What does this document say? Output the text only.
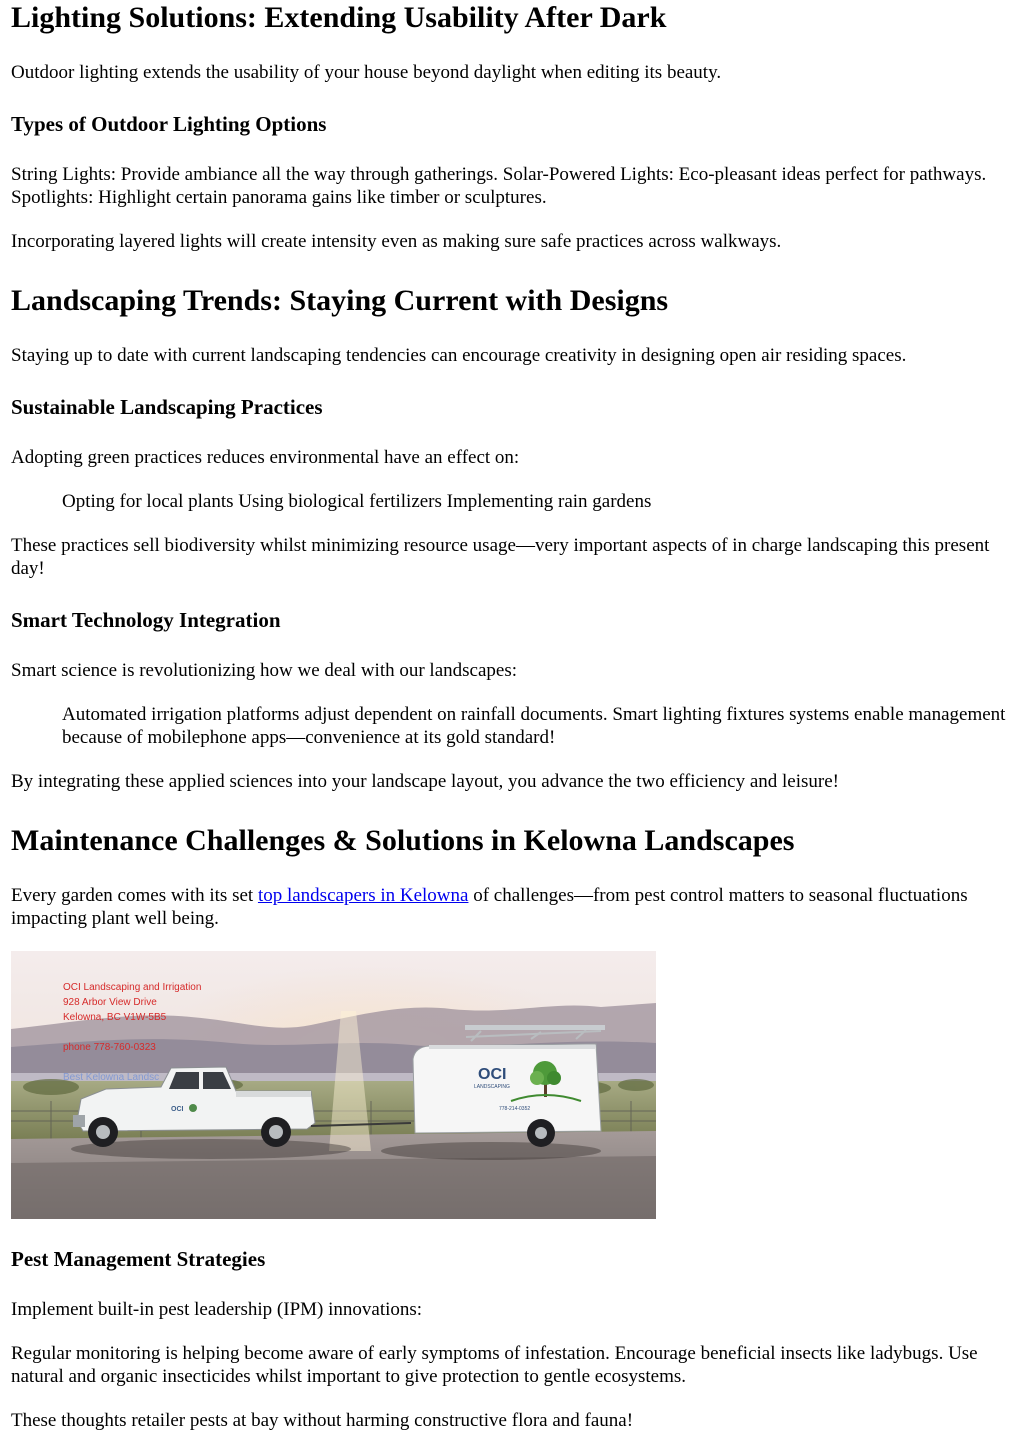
Lighting Solutions: Extending Usability After Dark

Outdoor lighting extends the usability of your house beyond daylight when editing its beauty.

Types of Outdoor Lighting Options

String Lights: Provide ambiance all the way through gatherings. Solar-Powered Lights: Eco-pleasant ideas perfect for pathways. Spotlights: Highlight certain panorama gains like timber or sculptures.

Incorporating layered lights will create intensity even as making sure safe practices across walkways.

Landscaping Trends: Staying Current with Designs

Staying up to date with current landscaping tendencies can encourage creativity in designing open air residing spaces.

Sustainable Landscaping Practices

Adopting green practices reduces environmental have an effect on:

Opting for local plants Using biological fertilizers Implementing rain gardens

These practices sell biodiversity whilst minimizing resource usage—very important aspects of in charge landscaping this present day!

Smart Technology Integration

Smart science is revolutionizing how we deal with our landscapes:

Automated irrigation platforms adjust dependent on rainfall documents. Smart lighting fixtures systems enable management because of mobilephone apps—convenience at its gold standard!

By integrating these applied sciences into your landscape layout, you advance the two efficiency and leisure!

Maintenance Challenges & Solutions in Kelowna Landscapes

Every garden comes with its set top landscapers in Kelowna of challenges—from pest control matters to seasonal fluctuations impacting plant well being.

OCI
OCI
LANDSCAPING
778-214-0352
OCI Landscaping and Irrigation
928 Arbor View Drive
Kelowna, BC V1W-5B5
phone 778-760-0323
Best Kelowna Landsc
Pest Management Strategies

Implement built-in pest leadership (IPM) innovations:

Regular monitoring is helping become aware of early symptoms of infestation. Encourage beneficial insects like ladybugs. Use natural and organic insecticides whilst important to give protection to gentle ecosystems.

These thoughts retailer pests at bay without harming constructive flora and fauna!
